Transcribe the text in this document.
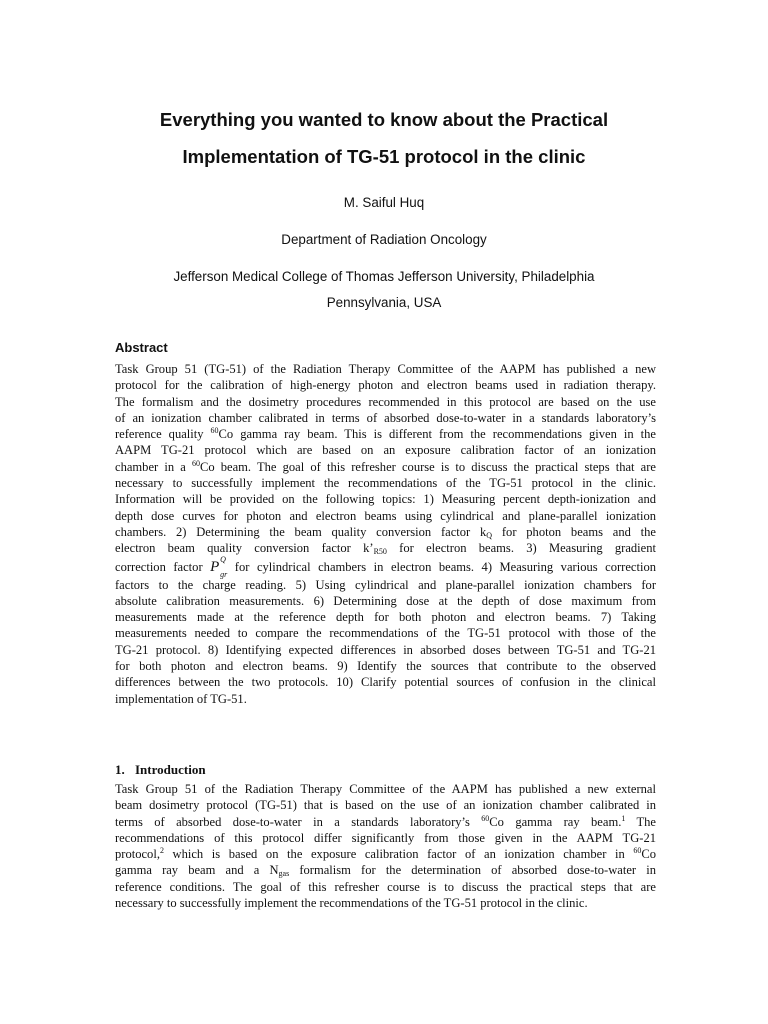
Everything you wanted to know about the Practical
Implementation of TG-51 protocol in the clinic

M. Saiful Huq

Department of Radiation Oncology

Jefferson Medical College of Thomas Jefferson University, Philadelphia

Pennsylvania, USA

Abstract
Task Group 51 (TG-51) of the Radiation Therapy Committee of the AAPM has published a new
protocol for the calibration of high-energy photon and electron beams used in radiation therapy.
The formalism and the dosimetry procedures recommended in this protocol are based on the use
of an ionization chamber calibrated in terms of absorbed dose-to-water in a standards laboratory’s
reference quality $^{60}$Co gamma ray beam. This is different from the recommendations given in the
AAPM TG-21 protocol which are based on an exposure calibration factor of an ionization
chamber in a $^{60}$Co beam. The goal of this refresher course is to discuss the practical steps that are
necessary to successfully implement the recommendations of the TG-51 protocol in the clinic.
Information will be provided on the following topics: 1) Measuring percent depth-ionization and
depth dose curves for photon and electron beams using cylindrical and plane-parallel ionization
chambers. 2) Determining the beam quality conversion factor $k_Q$ for photon beams and the
electron beam quality conversion factor $k’_{R50}$ for electron beams. 3) Measuring gradient
correction factor P Q
gr
for cylindrical chambers in electron beams. 4) Measuring various correction
factors to the charge reading. 5) Using cylindrical and plane-parallel ionization chambers for
absolute calibration measurements. 6) Determining dose at the depth of dose maximum from
measurements made at the reference depth for both photon and electron beams. 7) Taking
measurements needed to compare the recommendations of the TG-51 protocol with those of the
TG-21 protocol. 8) Identifying expected differences in absorbed doses between TG-51 and TG-21
for both photon and electron beams. 9) Identify the sources that contribute to the observed
differences between the two protocols. 10) Clarify potential sources of confusion in the clinical
implementation of TG-51.
1. Introduction
Task Group 51 of the Radiation Therapy Committee of the AAPM has published a new external
beam dosimetry protocol (TG-51) that is based on the use of an ionization chamber calibrated in
terms of absorbed dose-to-water in a standards laboratory’s $^{60}$Co gamma ray beam.$^1$ The
recommendations of this protocol differ significantly from those given in the AAPM TG-21
protocol,$^2$ which is based on the exposure calibration factor of an ionization chamber in $^{60}$Co
gamma ray beam and a $N_{gas}$ formalism for the determination of absorbed dose-to-water in
reference conditions. The goal of this refresher course is to discuss the practical steps that are
necessary to successfully implement the recommendations of the TG-51 protocol in the clinic.
